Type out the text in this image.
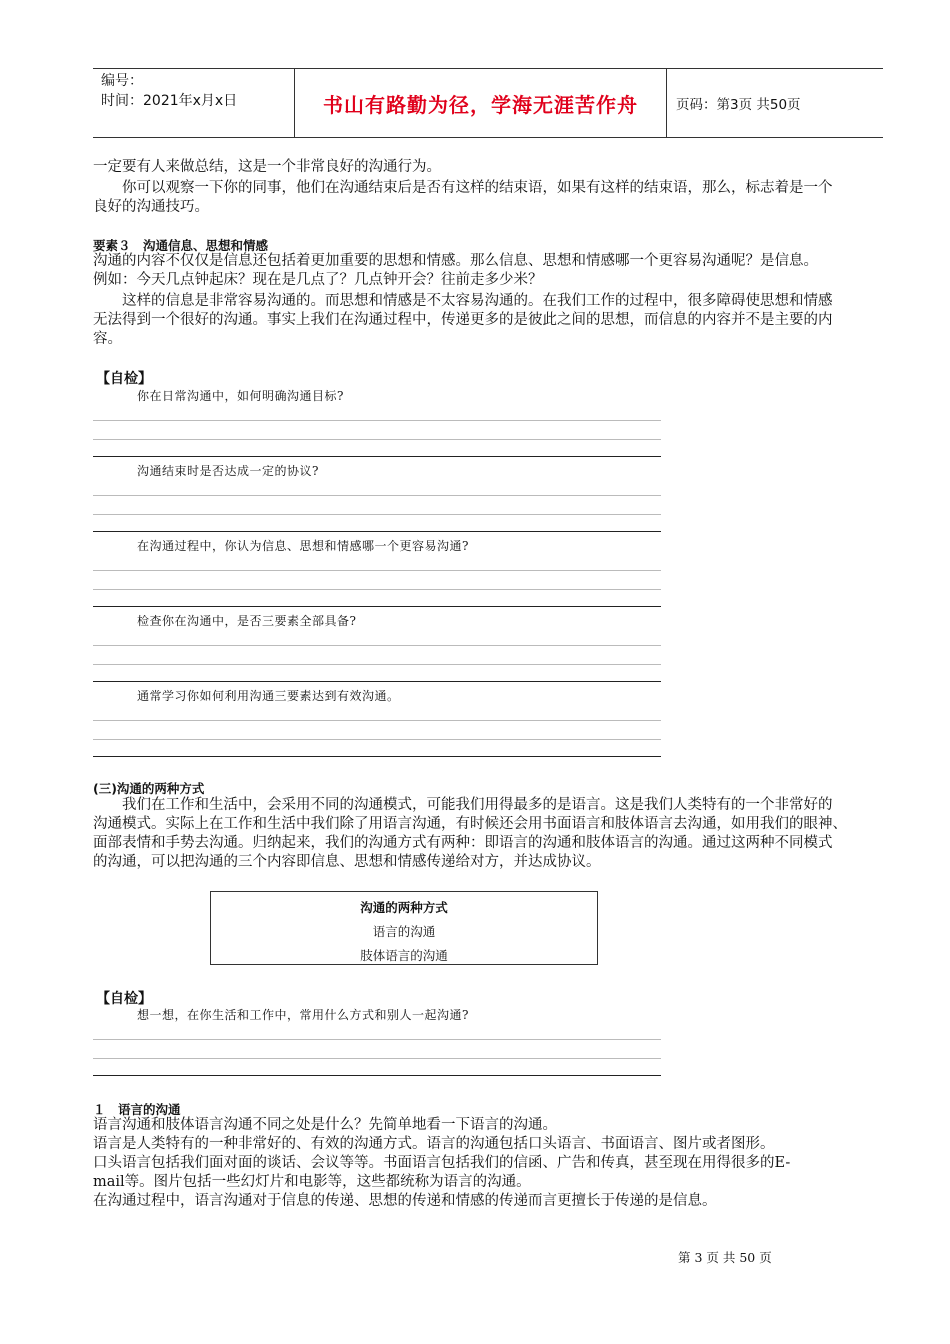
编号：
时间：2021年x月x日	书山有路勤为径，学海无涯苦作舟	页码：第3页 共50页
一定要有人来做总结，这是一个非常良好的沟通行为。
你可以观察一下你的同事，他们在沟通结束后是否有这样的结束语，如果有这样的结束语，那么，标志着是一个
良好的沟通技巧。
要素３　沟通信息、思想和情感
沟通的内容不仅仅是信息还包括着更加重要的思想和情感。那么信息、思想和情感哪一个更容易沟通呢？是信息。
例如：今天几点钟起床？现在是几点了？几点钟开会？往前走多少米？
这样的信息是非常容易沟通的。而思想和情感是不太容易沟通的。在我们工作的过程中，很多障碍使思想和情感
无法得到一个很好的沟通。事实上我们在沟通过程中，传递更多的是彼此之间的思想，而信息的内容并不是主要的内
容。
【自检】
你在日常沟通中，如何明确沟通目标?
沟通结束时是否达成一定的协议?
在沟通过程中，你认为信息、思想和情感哪一个更容易沟通?
检查你在沟通中，是否三要素全部具备?
通常学习你如何利用沟通三要素达到有效沟通。
(三)沟通的两种方式
我们在工作和生活中，会采用不同的沟通模式，可能我们用得最多的是语言。这是我们人类特有的一个非常好的
沟通模式。实际上在工作和生活中我们除了用语言沟通，有时候还会用书面语言和肢体语言去沟通，如用我们的眼神、
面部表情和手势去沟通。归纳起来，我们的沟通方式有两种：即语言的沟通和肢体语言的沟通。通过这两种不同模式
的沟通，可以把沟通的三个内容即信息、思想和情感传递给对方，并达成协议。
沟通的两种方式
语言的沟通
肢体语言的沟通
【自检】
想一想，在你生活和工作中，常用什么方式和别人一起沟通?
１　语言的沟通
语言沟通和肢体语言沟通不同之处是什么？先简单地看一下语言的沟通。
语言是人类特有的一种非常好的、有效的沟通方式。语言的沟通包括口头语言、书面语言、图片或者图形。
口头语言包括我们面对面的谈话、会议等等。书面语言包括我们的信函、广告和传真，甚至现在用得很多的E-
mail等。图片包括一些幻灯片和电影等，这些都统称为语言的沟通。
在沟通过程中，语言沟通对于信息的传递、思想的传递和情感的传递而言更擅长于传递的是信息。
第 3 页 共 50 页
